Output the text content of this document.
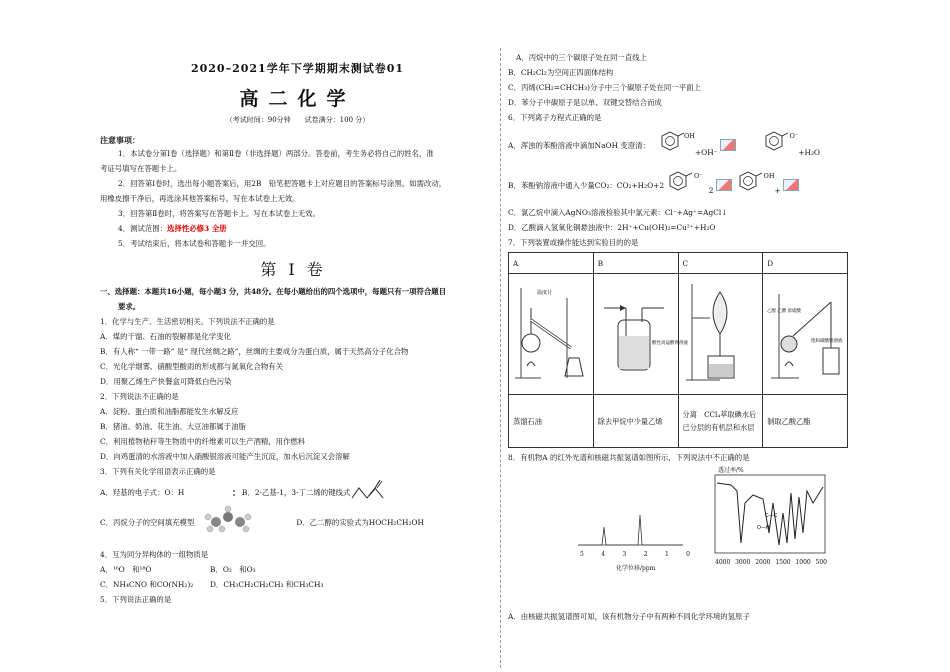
2020–2021学年下学期期末测试卷01
高二化学
（考试时间：90分钟　　试卷满分：100 分）
注意事项：
1．本试卷分第Ⅰ卷（选择题）和第Ⅱ卷（非选择题）两部分。答卷前，考生务必将自己的姓名、准
考证号填写在答题卡上。
2．回答第Ⅰ卷时，选出每小题答案后，用2B　铅笔把答题卡上对应题目的答案标号涂黑。如需改动，
用橡皮擦干净后，再选涂其他答案标号。写在本试卷上无效。
3．回答第Ⅱ卷时，将答案写在答题卡上。写在本试卷上无效。
4．测试范围：选择性必修3 全册
5．考试结束后，将本试卷和答题卡一并交回。
第Ⅰ卷
一、选择题：本题共16小题，每小题3 分，共48分。在每小题给出的四个选项中，每题只有一项符合题目
要求。
1．化学与生产、生活密切相关。下列说法不正确的是
A．煤的干馏、石油的裂解都是化学变化
B．有人称“ 一带一路” 是“ 现代丝绸之路”，丝绸的主要成分为蛋白质，属于天然高分子化合物
C．光化学烟雾、硝酸型酸雨的形成都与氮氧化合物有关
D．用聚乙烯生产快餐盒可降低白色污染
2．下列说法不正确的是
A．淀粉、蛋白质和油脂都能发生水解反应
B．猪油、奶油、花生油、大豆油都属于油脂
C．利用植物秸秆等生物质中的纤维素可以生产酒精，用作燃料
D．向鸡蛋清的水溶液中加入硝酸银溶液可能产生沉淀，加水后沉淀又会溶解
3．下列有关化学用语表示正确的是
A．羟基的电子式：O：H	B．2-乙基-1，3-丁二烯的键线式
C．丙烷分子的空间填充模型	D．乙二醇的实验式为HOCH₂CH₂OH
4．互为同分异构体的一组物质是
A．¹⁶O　和¹⁸O	B．O₂　和O₃
C．NH₄CNO 和CO(NH₂)₂	D．CH₃CH₂CH₂CH₃ 和CH₃CH₃
5．下列说法正确的是
A．丙烷中的三个碳原子处在同一直线上
B．CH₂Cl₂为空间正四面体结构
C．丙烯(CH₂=CHCH₃)分子中三个碳原子处在同一平面上
D．苯分子中碳原子是以单、双键交替结合而成
6．下列离子方程式正确的是
A．浑浊的苯酚溶液中滴加NaOH 变澄清：
OH
+OH⁻
O⁻
+H₂O
B．苯酚钠溶液中通入少量CO₂：CO₂+H₂O+2
O⁻
2
OH
+
C．氯乙烷中滴入AgNO₃溶液检验其中氯元素：Cl⁻+Ag⁺=AgCl↓
D．乙酸滴入氢氧化铜悬浊液中：2H⁺+Cu(OH)₂=Cu²⁺+H₂O
7．下列装置或操作能达到实验目的的是
A	B	C	D

温度计	酸性高锰酸钾溶液		乙醇 乙酸 浓硫酸
饱和碳酸钠溶液

蒸馏石油	除去甲烷中少量乙烯	分离　CCl₄萃取碘水后已分层的有机层和水层	制取乙酸乙酯
8．有机物A 的红外光谱和核磁共振氢谱如图所示，下列说法中不正确的是
5	4	3	2	1	0
化学位移/ppm
透过率/%
C—C
O—H
4000 3000 2000 1500 1000 500
A．由核磁共振氢谱图可知，该有机物分子中有两种不同化学环境的氢原子
